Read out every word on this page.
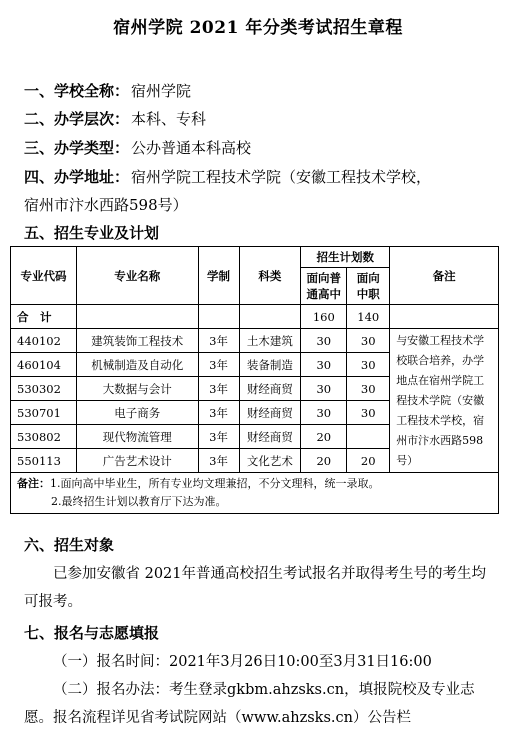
宿州学院 2021 年分类考试招生章程
一、学校全称： 宿州学院
二、办学层次： 本科、专科
三、办学类型： 公办普通本科高校
四、办学地址： 宿州学院工程技术学院（安徽工程技术学校，
宿州市汴水西路598号）
五、招生专业及计划
专业代码	专业名称	学制	科类	招生计划数		备注
				面向普通高中	面向中职	
合　计				160	140	
440102	建筑装饰工程技术	3年	土木建筑	30	30	与安徽工程技术学校联合培养，办学地点在宿州学院工程技术学院（安徽工程技术学校，宿州市汴水西路598号）
460104	机械制造及自动化	3年	装备制造	30	30	
530302	大数据与会计	3年	财经商贸	30	30	
530701	电子商务	3年	财经商贸	30	30	
530802	现代物流管理	3年	财经商贸	20		
550113	广告艺术设计	3年	文化艺术	20	20	
备注：1.面向高中毕业生，所有专业均文理兼招，不分文理科，统一录取。
2.最终招生计划以教育厅下达为准。						
六、招生对象
已参加安徽省 2021年普通高校招生考试报名并取得考生号的考生均可报考。
七、报名与志愿填报
（一）报名时间：2021年3月26日10:00至3月31日16:00
（二）报名办法：考生登录gkbm.ahzsks.cn，填报院校及专业志愿。报名流程详见省考试院网站（www.ahzsks.cn）公告栏
